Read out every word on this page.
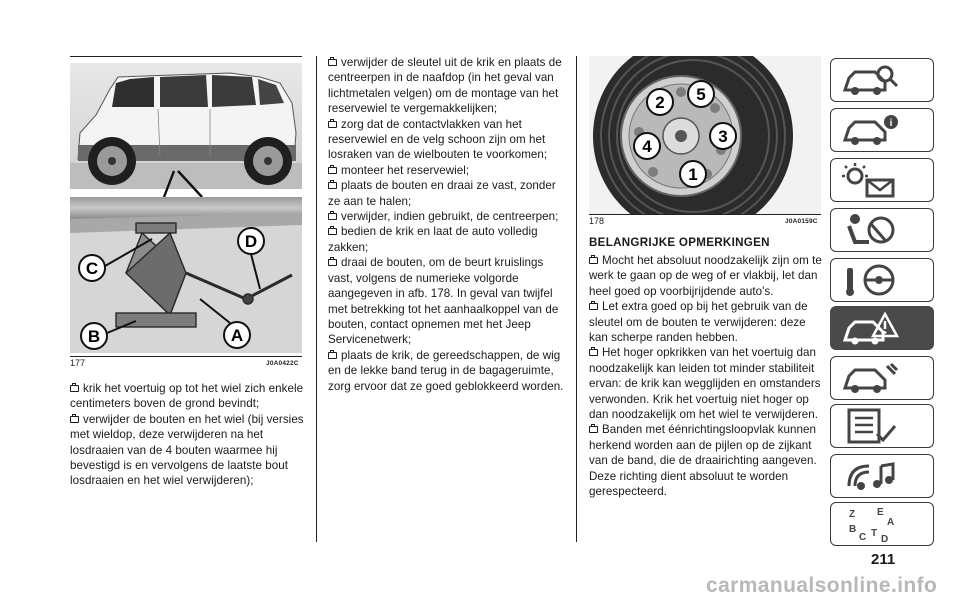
D
C
B	A
177	J0A0422C

krik het voertuig op tot het wiel zich enkele centimeters boven de grond bevindt;

verwijder de bouten en het wiel (bij versies met wieldop, deze verwijderen na het losdraaien van de 4 bouten waarmee hij bevestigd is en vervolgens de laatste bout losdraaien en het wiel verwijderen);

verwijder de sleutel uit de krik en plaats de centreerpen in de naafdop (in het geval van lichtmetalen velgen) om de montage van het reservewiel te vergemakkelijken;

zorg dat de contactvlakken van het reservewiel en de velg schoon zijn om het losraken van de wielbouten te voorkomen;

monteer het reservewiel;

plaats de bouten en draai ze vast, zonder ze aan te halen;

verwijder, indien gebruikt, de centreerpen;

bedien de krik en laat de auto volledig zakken;

draai de bouten, om de beurt kruislings vast, volgens de numerieke volgorde aangegeven in afb. 178. In geval van twijfel met betrekking tot het aanhaalkoppel van de bouten, contact opnemen met het Jeep Servicenetwerk;

plaats de krik, de gereedschappen, de wig en de lekke band terug in de bagageruimte, zorg ervoor dat ze goed geblokkeerd worden.

2 5
3
4
1
178	J0A0159C
BELANGRIJKE OPMERKINGEN

Mocht het absoluut noodzakelijk zijn om te werk te gaan op de weg of er vlakbij, let dan heel goed op voorbijrijdende auto's.

Let extra goed op bij het gebruik van de sleutel om de bouten te verwijderen: deze kan scherpe randen hebben.

Het hoger opkrikken van het voertuig dan noodzakelijk kan leiden tot minder stabiliteit ervan: de krik kan wegglijden en omstanders verwonden. Krik het voertuig niet hoger op dan noodzakelijk om het wiel te verwijderen.

Banden met éénrichtingsloopvlak kunnen herkend worden aan de pijlen op de zijkant van de band, die de draairichting aangeven. Deze richting dient absoluut te worden gerespecteerd.

i
Z E
A
B
C T
D
211
carmanualsonline.info
